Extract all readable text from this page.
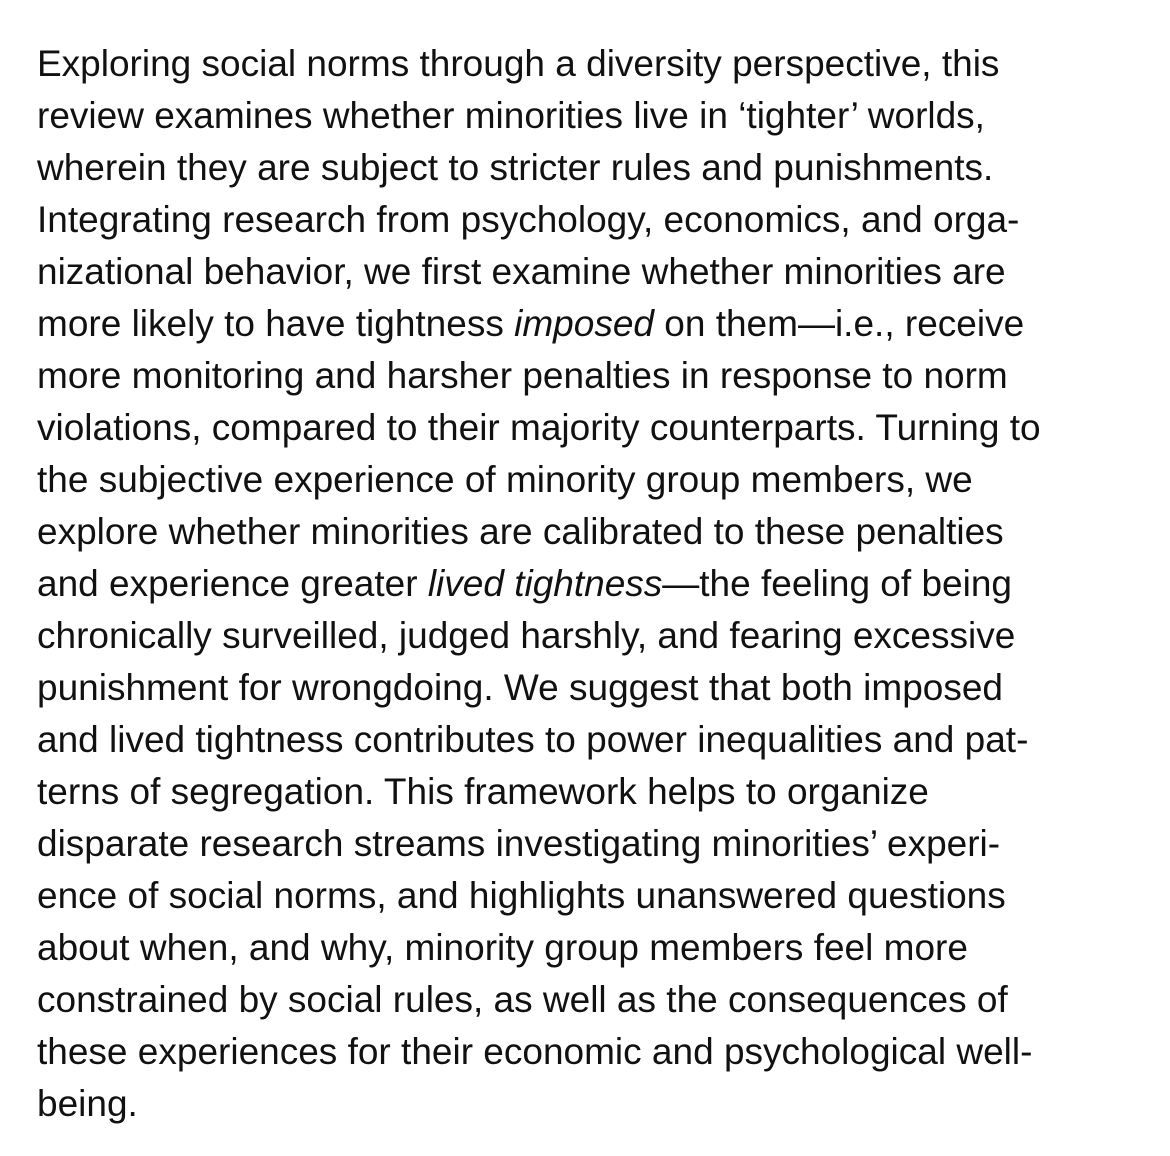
Exploring social norms through a diversity perspective, this
review examines whether minorities live in ‘tighter’ worlds,
wherein they are subject to stricter rules and punishments.
Integrating research from psychology, economics, and orga-
nizational behavior, we first examine whether minorities are
more likely to have tightness imposed on them—i.e., receive
more monitoring and harsher penalties in response to norm
violations, compared to their majority counterparts. Turning to
the subjective experience of minority group members, we
explore whether minorities are calibrated to these penalties
and experience greater lived tightness—the feeling of being
chronically surveilled, judged harshly, and fearing excessive
punishment for wrongdoing. We suggest that both imposed
and lived tightness contributes to power inequalities and pat-
terns of segregation. This framework helps to organize
disparate research streams investigating minorities’ experi-
ence of social norms, and highlights unanswered questions
about when, and why, minority group members feel more
constrained by social rules, as well as the consequences of
these experiences for their economic and psychological well-
being.
